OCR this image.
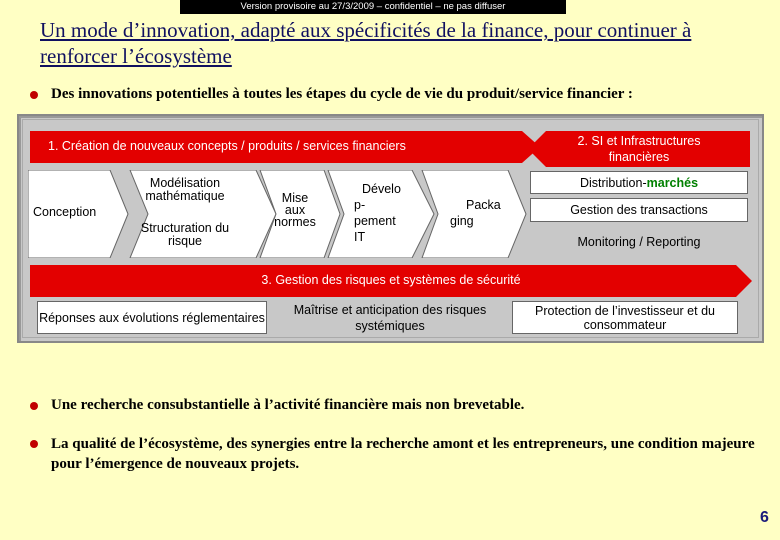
Version provisoire au 27/3/2009 – confidentiel – ne pas diffuser
Un mode d’innovation, adapté aux spécificités de la finance, pour continuer à renforcer l’écosystème
Des innovations potentielles à toutes les étapes du cycle de vie du produit/service financier :
1. Création de nouveaux concepts / produits / services financiers	2. SI et Infrastructures
financières
Conception
Modélisation mathématique
Structuration du risque
Mise
aux
normes
Dévelo
p-
pement
IT
Packa
ging
Distribution- marchés
Gestion des transactions
Monitoring / Reporting
3. Gestion des risques et systèmes de sécurité
Réponses aux évolutions réglementaires
Maîtrise et anticipation des risques systémiques
Protection de l’investisseur et du consommateur
Une recherche consubstantielle à l’activité financière mais non brevetable.
La qualité de l’écosystème, des synergies entre la recherche amont et les entrepreneurs, une condition majeure pour l’émergence de nouveaux projets.
6
